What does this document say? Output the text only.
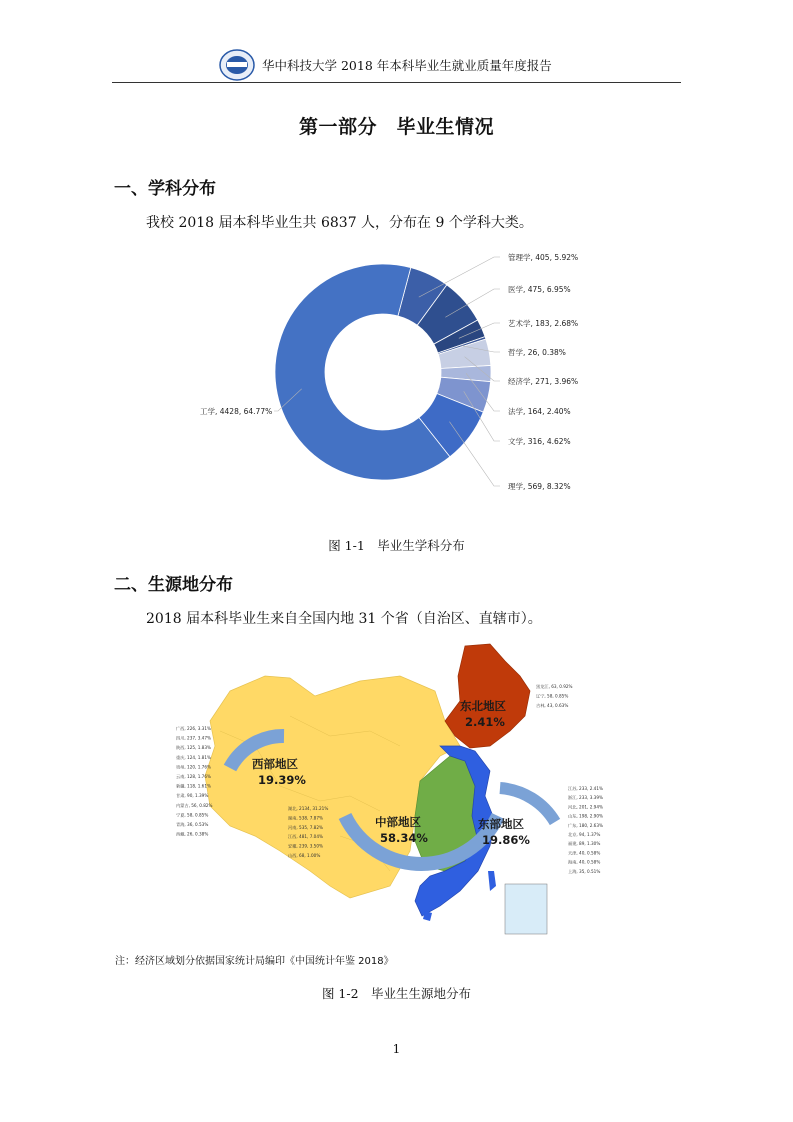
华中科技大学 2018 年本科毕业生就业质量年度报告
第一部分　毕业生情况
一、学科分布
我校 2018 届本科毕业生共 6837 人，分布在 9 个学科大类。
管理学, 405, 5.92%
医学, 475, 6.95%
艺术学, 183, 2.68%
哲学, 26, 0.38%
经济学, 271, 3.96%
法学, 164, 2.40%
文学, 316, 4.62%
理学, 569, 8.32%
工学, 4428, 64.77%
图 1-1　毕业生学科分布
二、生源地分布
2018 届本科毕业生来自全国内地 31 个省（自治区、直辖市）。
西部地区
19.39%
中部地区
58.34%
东部地区
19.86%
东北地区
2.41%
广西, 226, 3.31%
四川, 237, 3.47%
陕西, 125, 1.83%
重庆, 124, 1.81%
贵州, 120, 1.76%
云南, 128, 1.76%
新疆, 118, 1.61%
甘肃, 90, 1.39%
内蒙古, 56, 0.82%
宁夏, 58, 0.85%
青海, 36, 0.53%
西藏, 26, 0.38%
湖北, 2134, 31.21%
湖南, 538, 7.87%
河南, 535, 7.82%
江西, 481, 7.04%
安徽, 239, 3.50%
山西, 68, 1.00%
江苏, 233, 2.41%
浙江, 233, 3.39%
河北, 201, 2.94%
山东, 198, 2.90%
广东, 180, 2.63%
北京, 94, 1.37%
福建, 89, 1.30%
天津, 40, 0.58%
海南, 40, 0.58%
上海, 35, 0.51%
黑龙江, 63, 0.92%
辽宁, 58, 0.85%
吉林, 43, 0.63%
注：经济区域划分依据国家统计局编印《中国统计年鉴 2018》
图 1-2　毕业生生源地分布
1
